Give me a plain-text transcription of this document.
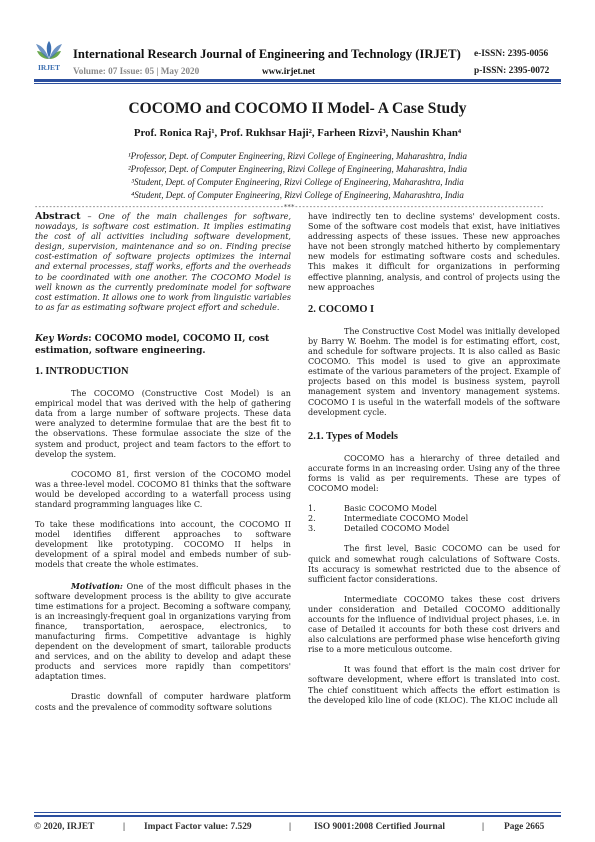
IRJET
International Research Journal of Engineering and Technology (IRJET)
Volume: 07 Issue: 05 | May 2020	www.irjet.net
e-ISSN: 2395-0056
p-ISSN: 2395-0072
COCOMO and COCOMO II Model- A Case Study
Prof. Ronica Raj¹, Prof. Rukhsar Haji², Farheen Rizvi³, Naushin Khan⁴
¹Professor, Dept. of Computer Engineering, Rizvi College of Engineering, Maharashtra, India
²Professor, Dept. of Computer Engineering, Rizvi College of Engineering, Maharashtra, India
³Student, Dept. of Computer Engineering, Rizvi College of Engineering, Maharashtra, India
⁴Student, Dept. of Computer Engineering, Rizvi College of Engineering, Maharashtra, India
---------------------------------------------------------------------***---------------------------------------------------------------------

Abstract – One of the main challenges for software, nowadays, is software cost estimation. It implies estimating the cost of all activities including software development, design, supervision, maintenance and so on. Finding precise cost-estimation of software projects optimizes the internal and external processes, staff works, efforts and the overheads to be coordinated with one another. The COCOMO Model is well known as the currently predominate model for software cost estimation. It allows one to work from linguistic variables to as far as estimating software project effort and schedule.

Key Words: COCOMO model, COCOMO II, cost estimation, software engineering.

1. INTRODUCTION

The COCOMO (Constructive Cost Model) is an empirical model that was derived with the help of gathering data from a large number of software projects. These data were analyzed to determine formulae that are the best fit to the observations. These formulae associate the size of the system and product, project and team factors to the effort to develop the system.

COCOMO 81, first version of the COCOMO model was a three-level model. COCOMO 81 thinks that the software would be developed according to a waterfall process using standard programming languages like C.

To take these modifications into account, the COCOMO II model identifies different approaches to software development like prototyping. COCOMO II helps in development of a spiral model and embeds number of sub-models that create the whole estimates.

Motivation: One of the most difficult phases in the software development process is the ability to give accurate time estimations for a project. Becoming a software company, is an increasingly-frequent goal in organizations varying from finance, transportation, aerospace, electronics, to manufacturing firms. Competitive advantage is highly dependent on the development of smart, tailorable products and services, and on the ability to develop and adapt these products and services more rapidly than competitors' adaptation times.

Drastic downfall of computer hardware platform costs and the prevalence of commodity software solutions

have indirectly ten to decline systems' development costs. Some of the software cost models that exist, have initiatives addressing aspects of these issues. These new approaches have not been strongly matched hitherto by complementary new models for estimating software costs and schedules. This makes it difficult for organizations in performing effective planning, analysis, and control of projects using the new approaches

2. COCOMO I

The Constructive Cost Model was initially developed by Barry W. Boehm. The model is for estimating effort, cost, and schedule for software projects. It is also called as Basic COCOMO. This model is used to give an approximate estimate of the various parameters of the project. Example of projects based on this model is business system, payroll management system and inventory management systems. COCOMO I is useful in the waterfall models of the software development cycle.

2.1. Types of Models

COCOMO has a hierarchy of three detailed and accurate forms in an increasing order. Using any of the three forms is valid as per requirements. These are types of COCOMO model:

1.	Basic COCOMO Model
2.	Intermediate COCOMO Model
3.	Detailed COCOMO Model

The first level, Basic COCOMO can be used for quick and somewhat rough calculations of Software Costs. Its accuracy is somewhat restricted due to the absence of sufficient factor considerations.

Intermediate COCOMO takes these cost drivers under consideration and Detailed COCOMO additionally accounts for the influence of individual project phases, i.e. in case of Detailed it accounts for both these cost drivers and also calculations are performed phase wise henceforth giving rise to a more meticulous outcome.

It was found that effort is the main cost driver for software development, where effort is translated into cost. The chief constituent which affects the effort estimation is the developed kilo line of code (KLOC). The KLOC include all

© 2020, IRJET	| Impact Factor value: 7.529	| ISO 9001:2008 Certified Journal	| Page 2665
